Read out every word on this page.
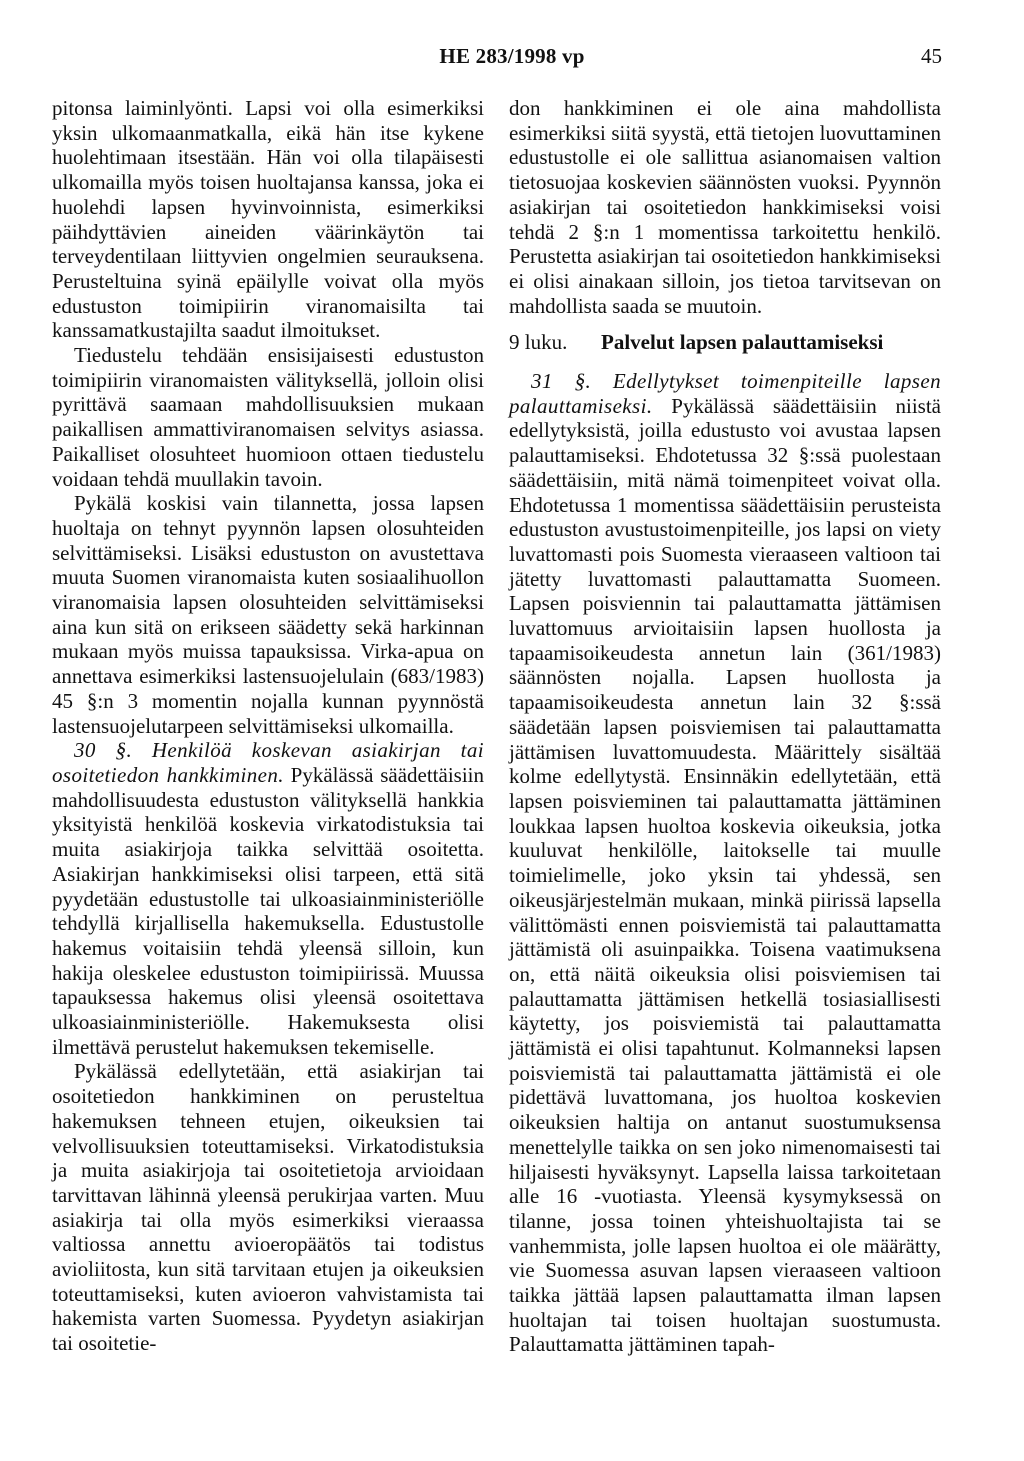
HE 283/1998 vp	45

pitonsa laiminlyönti. Lapsi voi olla esimerkiksi yksin ulkomaanmatkalla, eikä hän itse kykene huolehtimaan itsestään. Hän voi olla tilapäisesti ulkomailla myös toisen huoltajansa kanssa, joka ei huolehdi lapsen hyvinvoinnista, esimerkiksi päihdyttävien aineiden väärinkäytön tai terveydentilaan liittyvien ongelmien seurauksena. Perusteltuina syinä epäilylle voivat olla myös edustuston toimipiirin viranomaisilta tai kanssamatkustajilta saadut ilmoitukset.

Tiedustelu tehdään ensisijaisesti edustuston toimipiirin viranomaisten välityksellä, jolloin olisi pyrittävä saamaan mahdollisuuksien mukaan paikallisen ammattiviranomaisen selvitys asiassa. Paikalliset olosuhteet huomioon ottaen tiedustelu voidaan tehdä muullakin tavoin.

Pykälä koskisi vain tilannetta, jossa lapsen huoltaja on tehnyt pyynnön lapsen olosuhteiden selvittämiseksi. Lisäksi edustuston on avustettava muuta Suomen viranomaista kuten sosiaalihuollon viranomaisia lapsen olosuhteiden selvittämiseksi aina kun sitä on erikseen säädetty sekä harkinnan mukaan myös muissa tapauksissa. Virka-apua on annettava esimerkiksi lastensuojelulain (683/1983) 45 §:n 3 momentin nojalla kunnan pyynnöstä lastensuojelutarpeen selvittämiseksi ulkomailla.

30 §. Henkilöä koskevan asiakirjan tai osoitetiedon hankkiminen. Pykälässä säädettäisiin mahdollisuudesta edustuston välityksellä hankkia yksityistä henkilöä koskevia virkatodistuksia tai muita asiakirjoja taikka selvittää osoitetta. Asiakirjan hankkimiseksi olisi tarpeen, että sitä pyydetään edustustolle tai ulkoasiainministeriölle tehdyllä kirjallisella hakemuksella. Edustustolle hakemus voitaisiin tehdä yleensä silloin, kun hakija oleskelee edustuston toimipiirissä. Muussa tapauksessa hakemus olisi yleensä osoitettava ulkoasiainministeriölle. Hakemuksesta olisi ilmettävä perustelut hakemuksen tekemiselle.

Pykälässä edellytetään, että asiakirjan tai osoitetiedon hankkiminen on perusteltua hakemuksen tehneen etujen, oikeuksien tai velvollisuuksien toteuttamiseksi. Virkatodistuksia ja muita asiakirjoja tai osoitetietoja arvioidaan tarvittavan lähinnä yleensä perukirjaa varten. Muu asiakirja tai olla myös esimerkiksi vieraassa valtiossa annettu avioeropäätös tai todistus avioliitosta, kun sitä tarvitaan etujen ja oikeuksien toteuttamiseksi, kuten avioeron vahvistamista tai hakemista varten Suomessa. Pyydetyn asiakirjan tai osoitetie-

don hankkiminen ei ole aina mahdollista esimerkiksi siitä syystä, että tietojen luovuttaminen edustustolle ei ole sallittua asianomaisen valtion tietosuojaa koskevien säännösten vuoksi. Pyynnön asiakirjan tai osoitetiedon hankkimiseksi voisi tehdä 2 §:n 1 momentissa tarkoitettu henkilö. Perustetta asiakirjan tai osoitetiedon hankkimiseksi ei olisi ainakaan silloin, jos tietoa tarvitsevan on mahdollista saada se muutoin.

9 luku.	Palvelut lapsen palauttamiseksi

31 §. Edellytykset toimenpiteille lapsen palauttamiseksi. Pykälässä säädettäisiin niistä edellytyksistä, joilla edustusto voi avustaa lapsen palauttamiseksi. Ehdotetussa 32 §:ssä puolestaan säädettäisiin, mitä nämä toimenpiteet voivat olla. Ehdotetussa 1 momentissa säädettäisiin perusteista edustuston avustustoimenpiteille, jos lapsi on viety luvattomasti pois Suomesta vieraaseen valtioon tai jätetty luvattomasti palauttamatta Suomeen. Lapsen poisviennin tai palauttamatta jättämisen luvattomuus arvioitaisiin lapsen huollosta ja tapaamisoikeudesta annetun lain (361/1983) säännösten nojalla. Lapsen huollosta ja tapaamisoikeudesta annetun lain 32 §:ssä säädetään lapsen poisviemisen tai palauttamatta jättämisen luvattomuudesta. Määrittely sisältää kolme edellytystä. Ensinnäkin edellytetään, että lapsen poisvieminen tai palauttamatta jättäminen loukkaa lapsen huoltoa koskevia oikeuksia, jotka kuuluvat henkilölle, laitokselle tai muulle toimielimelle, joko yksin tai yhdessä, sen oikeusjärjestelmän mukaan, minkä piirissä lapsella välittömästi ennen poisviemistä tai palauttamatta jättämistä oli asuinpaikka. Toisena vaatimuksena on, että näitä oikeuksia olisi poisviemisen tai palauttamatta jättämisen hetkellä tosiasiallisesti käytetty, jos poisviemistä tai palauttamatta jättämistä ei olisi tapahtunut. Kolmanneksi lapsen poisviemistä tai palauttamatta jättämistä ei ole pidettävä luvattomana, jos huoltoa koskevien oikeuksien haltija on antanut suostumuksensa menettelylle taikka on sen joko nimenomaisesti tai hiljaisesti hyväksynyt. Lapsella laissa tarkoitetaan alle 16 -vuotiasta. Yleensä kysymyksessä on tilanne, jossa toinen yhteishuoltajista tai se vanhemmista, jolle lapsen huoltoa ei ole määrätty, vie Suomessa asuvan lapsen vieraaseen valtioon taikka jättää lapsen palauttamatta ilman lapsen huoltajan tai toisen huoltajan suostumusta. Palauttamatta jättäminen tapah-
